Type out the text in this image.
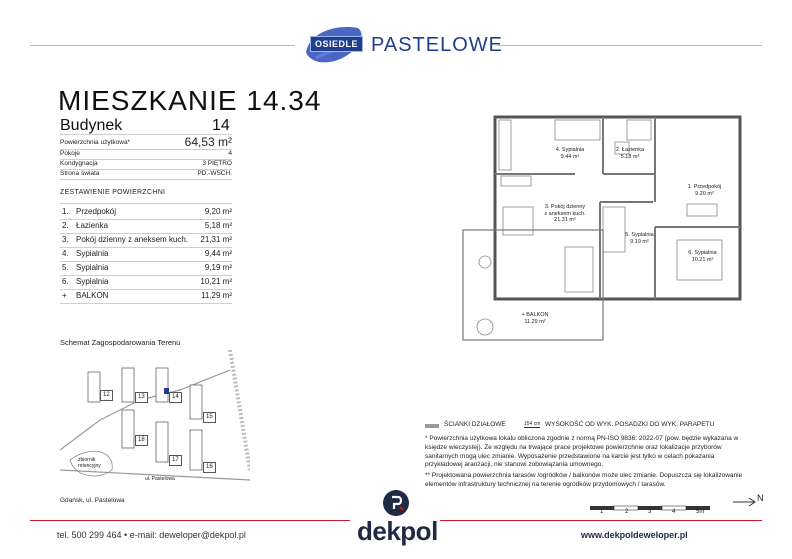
OSIEDLE PASTELOWE
MIESZKANIE 14.34
Budynek	14
Powierzchnia użytkowa*	64,53 m²
Pokoje	4
Kondygnacja	3 PIĘTRO
Strona świata	PD.-WSCH.
ZESTAWIENIE POWIERZCHNI
1. Przedpokój	9,20 m²
2. Łazienka	5,18 m²
3. Pokój dzienny z aneksem kuch. 21,31 m²
4. Sypialnia	9,44 m²
5. Sypialnia	9,19 m²
6. Sypialnia	10,21 m²
+ BALKON	11,29 m²
4. Sypialnia
9.44 m²
2. Łazienka
5.18 m²
1. Przedpokój
9.20 m²
3. Pokój dzienny
z aneksem kuch.
21.31 m²
5. Sypialnia
9.19 m²
6. Sypialnia
10.21 m²
+ BALKON
11.29 m²
Schemat Zagospodarowania Terenu
12	13	14
15
18
17
16
zbiornik retencyjny
ul. Pastelowa
Gdańsk, ul. Pastelowa
ŚCIANKI DZIAŁOWE	154 cm WYSOKOŚĆ OD WYK. POSADZKI DO WYK. PARAPETU
* Powierzchnia użytkowa lokalu obliczona zgodnie z normą PN-ISO 9836: 2022-07 (pow. będzie wykazana w księdze wieczystej). Ze względu na trwające prace projektowe powierzchnie oraz lokalizacje przyborów sanitarnych mogą ulec zmianie. Wyposażenie przedstawione na karcie jest tylko w celach pokazania przykładowej aranżacji, nie stanowi zobowiązania umownego.
** Projektowana powierzchnia tarasów /ogródków / balkonów może ulec zmianie. Dopuszcza się lokalizowanie elementów infrastruktury technicznej na terenie ogródków przydomowych / tarasów.
1	2	3	4	5m
N
tel. 500 299 464 • e-mail: deweloper@dekpol.pl	dekpol	www.dekpoldeweloper.pl
